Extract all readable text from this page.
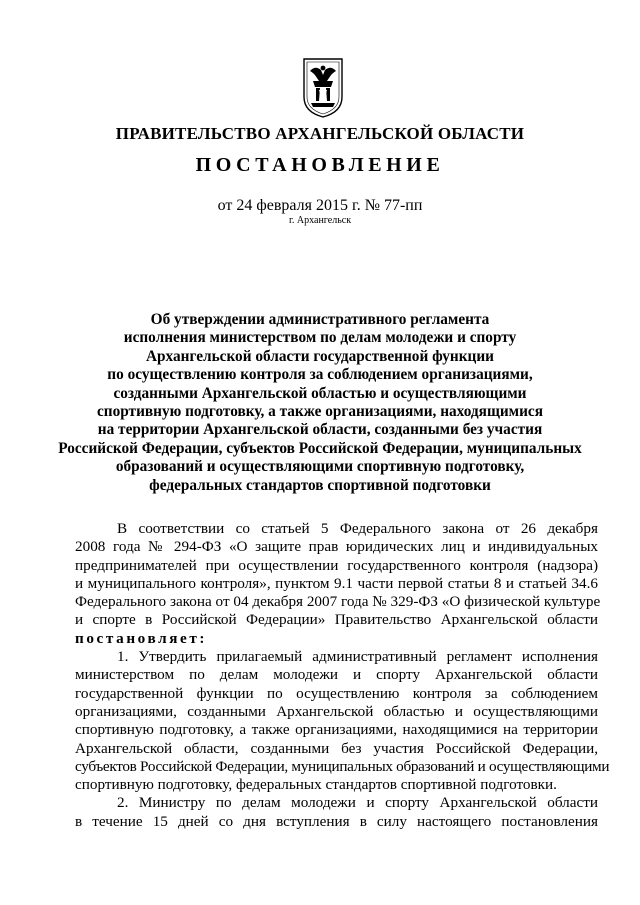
ПРАВИТЕЛЬСТВО АРХАНГЕЛЬСКОЙ ОБЛАСТИ
ПОСТАНОВЛЕНИЕ
от 24 февраля 2015 г. № 77-пп
г. Архангельск
Об утверждении административного регламента
исполнения министерством по делам молодежи и спорту
Архангельской области государственной функции
по осуществлению контроля за соблюдением организациями,
созданными Архангельской областью и осуществляющими
спортивную подготовку, а также организациями, находящимися
на территории Архангельской области, созданными без участия
Российской Федерации, субъектов Российской Федерации, муниципальных
образований и осуществляющими спортивную подготовку,
федеральных стандартов спортивной подготовки
В соответствии со статьей 5 Федерального закона от 26 декабря
2008 года № 294-ФЗ «О защите прав юридических лиц и индивидуальных
предпринимателей при осуществлении государственного контроля (надзора)
и муниципального контроля», пунктом 9.1 части первой статьи 8 и статьей 34.6
Федерального закона от 04 декабря 2007 года № 329-ФЗ «О физической культуре
и спорте в Российской Федерации» Правительство Архангельской области
постановляет:
1. Утвердить прилагаемый административный регламент исполнения
министерством по делам молодежи и спорту Архангельской области
государственной функции по осуществлению контроля за соблюдением
организациями, созданными Архангельской областью и осуществляющими
спортивную подготовку, а также организациями, находящимися на территории
Архангельской области, созданными без участия Российской Федерации,
субъектов Российской Федерации, муниципальных образований и осуществляющими
спортивную подготовку, федеральных стандартов спортивной подготовки.
2. Министру по делам молодежи и спорту Архангельской области
в течение 15 дней со дня вступления в силу настоящего постановления
